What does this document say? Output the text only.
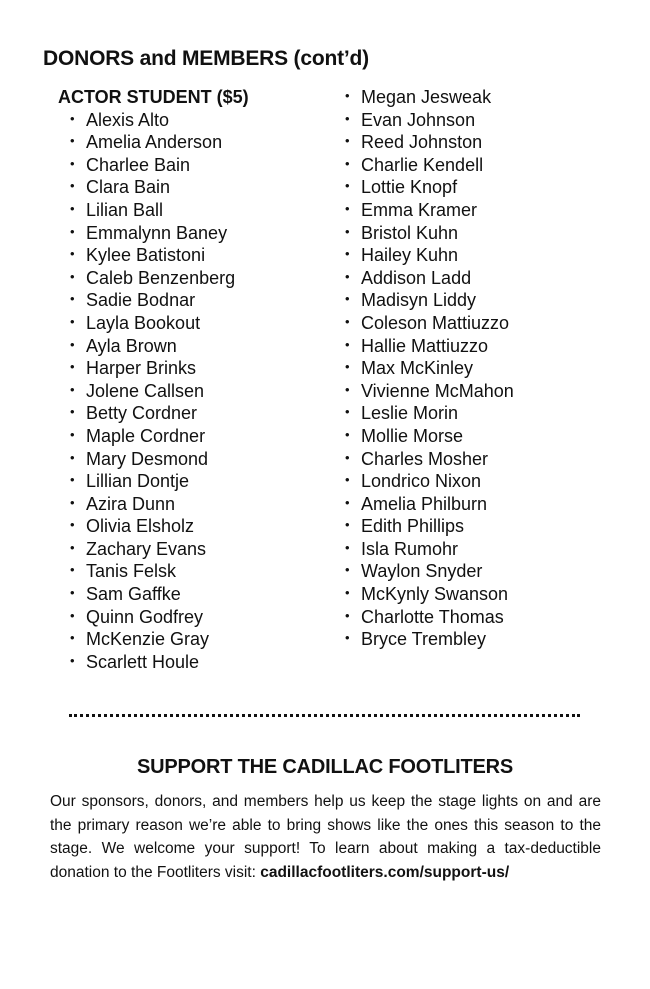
DONORS and MEMBERS (cont’d)
ACTOR STUDENT ($5)
• Alexis Alto
• Amelia Anderson
• Charlee Bain
• Clara Bain
• Lilian Ball
• Emmalynn Baney
• Kylee Batistoni
• Caleb Benzenberg
• Sadie Bodnar
• Layla Bookout
• Ayla Brown
• Harper Brinks
• Jolene Callsen
• Betty Cordner
• Maple Cordner
• Mary Desmond
• Lillian Dontje
• Azira Dunn
• Olivia Elsholz
• Zachary Evans
• Tanis Felsk
• Sam Gaffke
• Quinn Godfrey
• McKenzie Gray
• Scarlett Houle
• Megan Jesweak
• Evan Johnson
• Reed Johnston
• Charlie Kendell
• Lottie Knopf
• Emma Kramer
• Bristol Kuhn
• Hailey Kuhn
• Addison Ladd
• Madisyn Liddy
• Coleson Mattiuzzo
• Hallie Mattiuzzo
• Max McKinley
• Vivienne McMahon
• Leslie Morin
• Mollie Morse
• Charles Mosher
• Londrico Nixon
• Amelia Philburn
• Edith Phillips
• Isla Rumohr
• Waylon Snyder
• McKynly Swanson
• Charlotte Thomas
• Bryce Trembley
SUPPORT THE CADILLAC FOOTLITERS

Our sponsors, donors, and members help us keep the stage lights on and are the primary reason we’re able to bring shows like the ones this season to the stage. We welcome your support! To learn about making a tax-deductible donation to the Footliters visit: cadillacfootliters.com/support-us/
